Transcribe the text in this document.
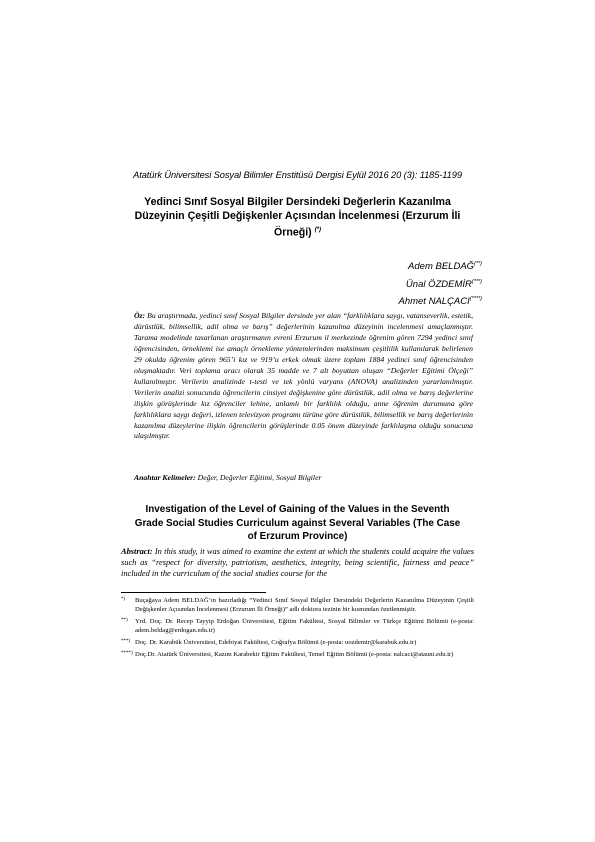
Atatürk Üniversitesi Sosyal Bilimler Enstitüsü Dergisi Eylül 2016 20 (3): 1185-1199
Yedinci Sınıf Sosyal Bilgiler Dersindeki Değerlerin Kazanılma
Düzeyinin Çeşitli Değişkenler Açısından İncelenmesi (Erzurum İli
Örneği) (*)
Adem BELDAĞ(**)
Ünal ÖZDEMİR(***)
Ahmet NALÇACI(****)
Öz: Bu araştırmada, yedinci sınıf Sosyal Bilgiler dersinde yer alan “farklılıklara saygı, vatanseverlik, estetik, dürüstlük, bilimsellik, adil olma ve barış” değerlerinin kazanılma düzeyinin incelenmesi amaçlanmıştır. Tarama modelinde tasarlanan araştırmanın evreni Erzurum il merkezinde öğrenim gören 7294 yedinci sınıf öğrencisinden, örneklemi ise amaçlı örnekleme yöntemlerinden maksimum çeşitlilik kullanılarak belirlenen 29 okulda öğrenim gören 965’i kız ve 919’u erkek olmak üzere toplam 1884 yedinci sınıf öğrencisinden oluşmaktadır. Veri toplama aracı olarak 35 madde ve 7 alt boyuttan oluşan “Değerler Eğitimi Ölçeği” kullanılmıştır. Verilerin analizinde t-testi ve tek yönlü varyans (ANOVA) analizinden yararlanılmıştır. Verilerin analizi sonucunda öğrencilerin cinsiyet değişkenine göre dürüstlük, adil olma ve barış değerlerine ilişkin görüşlerinde kız öğrenciler lehine, anlamlı bir farklılık olduğu, anne öğrenim durumuna göre farklılıklara saygı değeri, izlenen televizyon programı türüne göre dürüstlük, bilimsellik ve barış değerlerinin kazanılma düzeylerine ilişkin öğrencilerin görüşlerinde 0.05 önem düzeyinde farklılaşma olduğu sonucuna ulaşılmıştır.
Anahtar Kelimeler: Değer, Değerler Eğitimi, Sosyal Bilgiler
Investigation of the Level of Gaining of the Values in the Seventh
Grade Social Studies Curriculum against Several Variables (The Case
of Erzurum Province)
Abstract: In this study, it was aimed to examine the extent at which the students could acquire the values such as “respect for diversity, patriotism, aesthetics, integrity, being scientific, fairness and peace” included in the curriculum of the social studies course for the
*) Buçağaya Adem BELDAĞ’ın hazırladığı “Yedinci Sınıf Sosyal Bilgiler Dersindeki Değerlerin Kazanılma Düzeyinin Çeşitli Değişkenler Açısından İncelenmesi (Erzurum İli Örneği)” adlı doktora tezinin bir kısmından özetlenmiştir.
**) Yrd. Doç. Dr. Recep Tayyip Erdoğan Üniversitesi, Eğitim Fakültesi, Sosyal Bilimler ve Türkçe Eğitimi Bölümü (e-posta: adem.beldag@erdogan.edu.tr)
***) Doç. Dr. Karabük Üniversitesi, Edebiyat Fakültesi, Coğrafya Bölümü (e-posta: uozdemir@karabuk.edu.tr)
****) Doç.Dr. Atatürk Üniversitesi, Kazım Karabekir Eğitim Fakültesi, Temel Eğitim Bölümü (e-posta: nalcaci@atauni.edu.tr)
